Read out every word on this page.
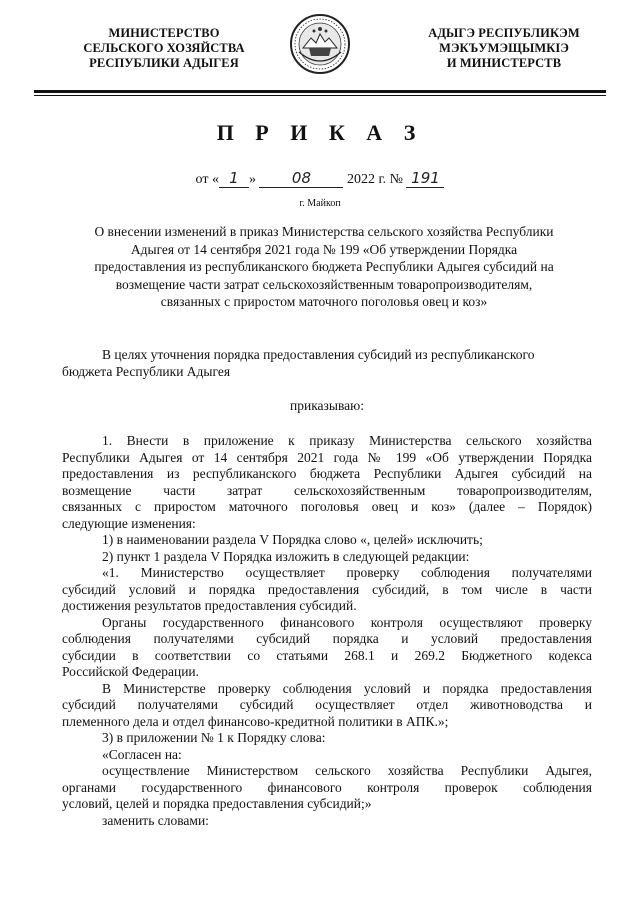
МИНИСТЕРСТВО
СЕЛЬСКОГО ХОЗЯЙСТВА
РЕСПУБЛИКИ АДЫГЕЯ
АДЫГЭ РЕСПУБЛИКЭМ
МЭКЪУМЭЩЫМКІЭ
И МИНИСТЕРСТВ
П Р И К А З
от « 1 » 08	2022 г. № 191
г. Майкоп
О внесении изменений в приказ Министерства сельского хозяйства Республики
Адыгея от 14 сентября 2021 года № 199 «Об утверждении Порядка
предоставления из республиканского бюджета Республики Адыгея субсидий на
возмещение части затрат сельскохозяйственным товаропроизводителям,
связанных с приростом маточного поголовья овец и коз»
В целях уточнения порядка предоставления субсидий из республиканского
бюджета Республики Адыгея
приказываю:
1. Внести в приложение к приказу Министерства сельского хозяйства
Республики Адыгея от 14 сентября 2021 года № 199 «Об утверждении Порядка
предоставления из республиканского бюджета Республики Адыгея субсидий на
возмещение части затрат сельскохозяйственным товаропроизводителям,
связанных с приростом маточного поголовья овец и коз» (далее – Порядок)
следующие изменения:
1) в наименовании раздела V Порядка слово «, целей» исключить;
2) пункт 1 раздела V Порядка изложить в следующей редакции:
«1. Министерство осуществляет проверку соблюдения получателями
субсидий условий и порядка предоставления субсидий, в том числе в части
достижения результатов предоставления субсидий.
Органы государственного финансового контроля осуществляют проверку
соблюдения получателями субсидий порядка и условий предоставления
субсидии в соответствии со статьями 268.1 и 269.2 Бюджетного кодекса
Российской Федерации.
В Министерстве проверку соблюдения условий и порядка предоставления
субсидий получателями субсидий осуществляет отдел животноводства и
племенного дела и отдел финансово-кредитной политики в АПК.»;
3) в приложении № 1 к Порядку слова:
«Согласен на:
осуществление Министерством сельского хозяйства Республики Адыгея,
органами государственного финансового контроля проверок соблюдения
условий, целей и порядка предоставления субсидий;»
заменить словами:
